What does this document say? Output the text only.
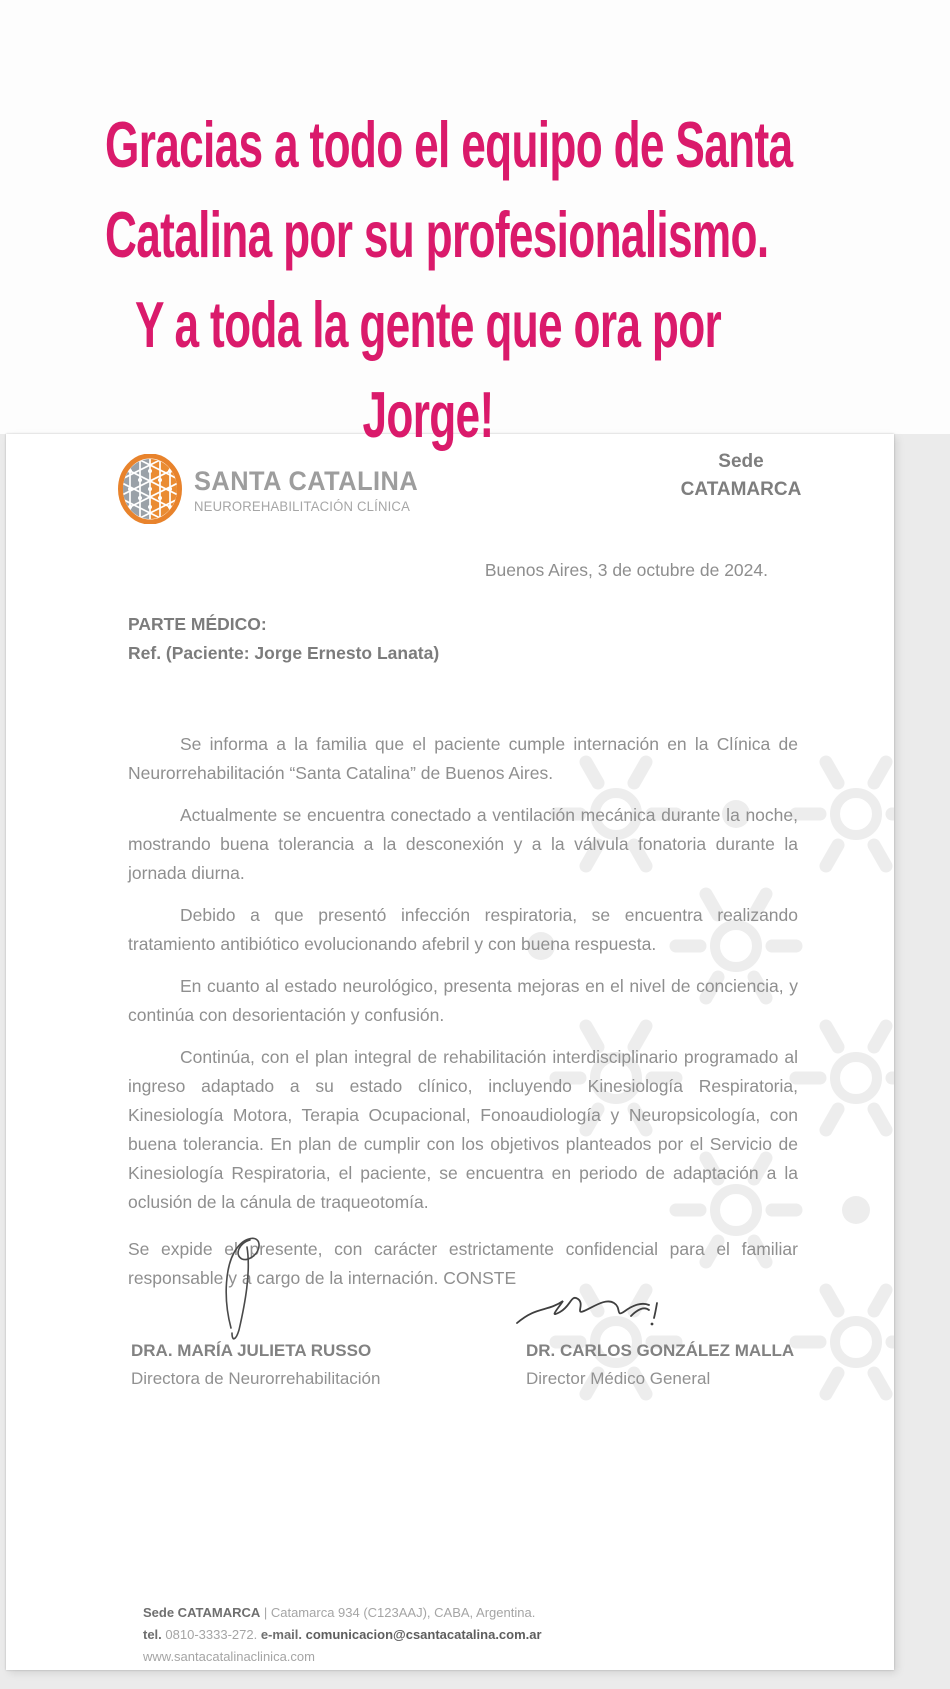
Gracias a todo el equipo de Santa
Catalina por su profesionalismo.
Y a toda la gente que ora por
Jorge!
SANTA CATALINA
NEUROREHABILITACIÓN CLÍNICA
Sede
CATAMARCA
Buenos Aires, 3 de octubre de 2024.
PARTE MÉDICO:
Ref. (Paciente: Jorge Ernesto Lanata)

Se informa a la familia que el paciente cumple internación en la Clínica de Neurorrehabilitación “Santa Catalina” de Buenos Aires.

Actualmente se encuentra conectado a ventilación mecánica durante la noche, mostrando buena tolerancia a la desconexión y a la válvula fonatoria durante la jornada diurna.

Debido a que presentó infección respiratoria, se encuentra realizando tratamiento antibiótico evolucionando afebril y con buena respuesta.

En cuanto al estado neurológico, presenta mejoras en el nivel de conciencia, y continúa con desorientación y confusión.

Continúa, con el plan integral de rehabilitación interdisciplinario programado al ingreso adaptado a su estado clínico, incluyendo Kinesiología Respiratoria, Kinesiología Motora, Terapia Ocupacional, Fonoaudiología y Neuropsicología, con buena tolerancia. En plan de cumplir con los objetivos planteados por el Servicio de Kinesiología Respiratoria, el paciente, se encuentra en periodo de adaptación a la oclusión de la cánula de traqueotomía.

Se expide el presente, con carácter estrictamente confidencial para el familiar responsable y a cargo de la internación. CONSTE

DRA. MARÍA JULIETA RUSSO
Directora de Neurorrehabilitación
DR. CARLOS GONZÁLEZ MALLA
Director Médico General
Sede CATAMARCA | Catamarca 934 (C123AAJ), CABA, Argentina.
tel. 0810-3333-272. e-mail. comunicacion@csantacatalina.com.ar
www.santacatalinaclinica.com
